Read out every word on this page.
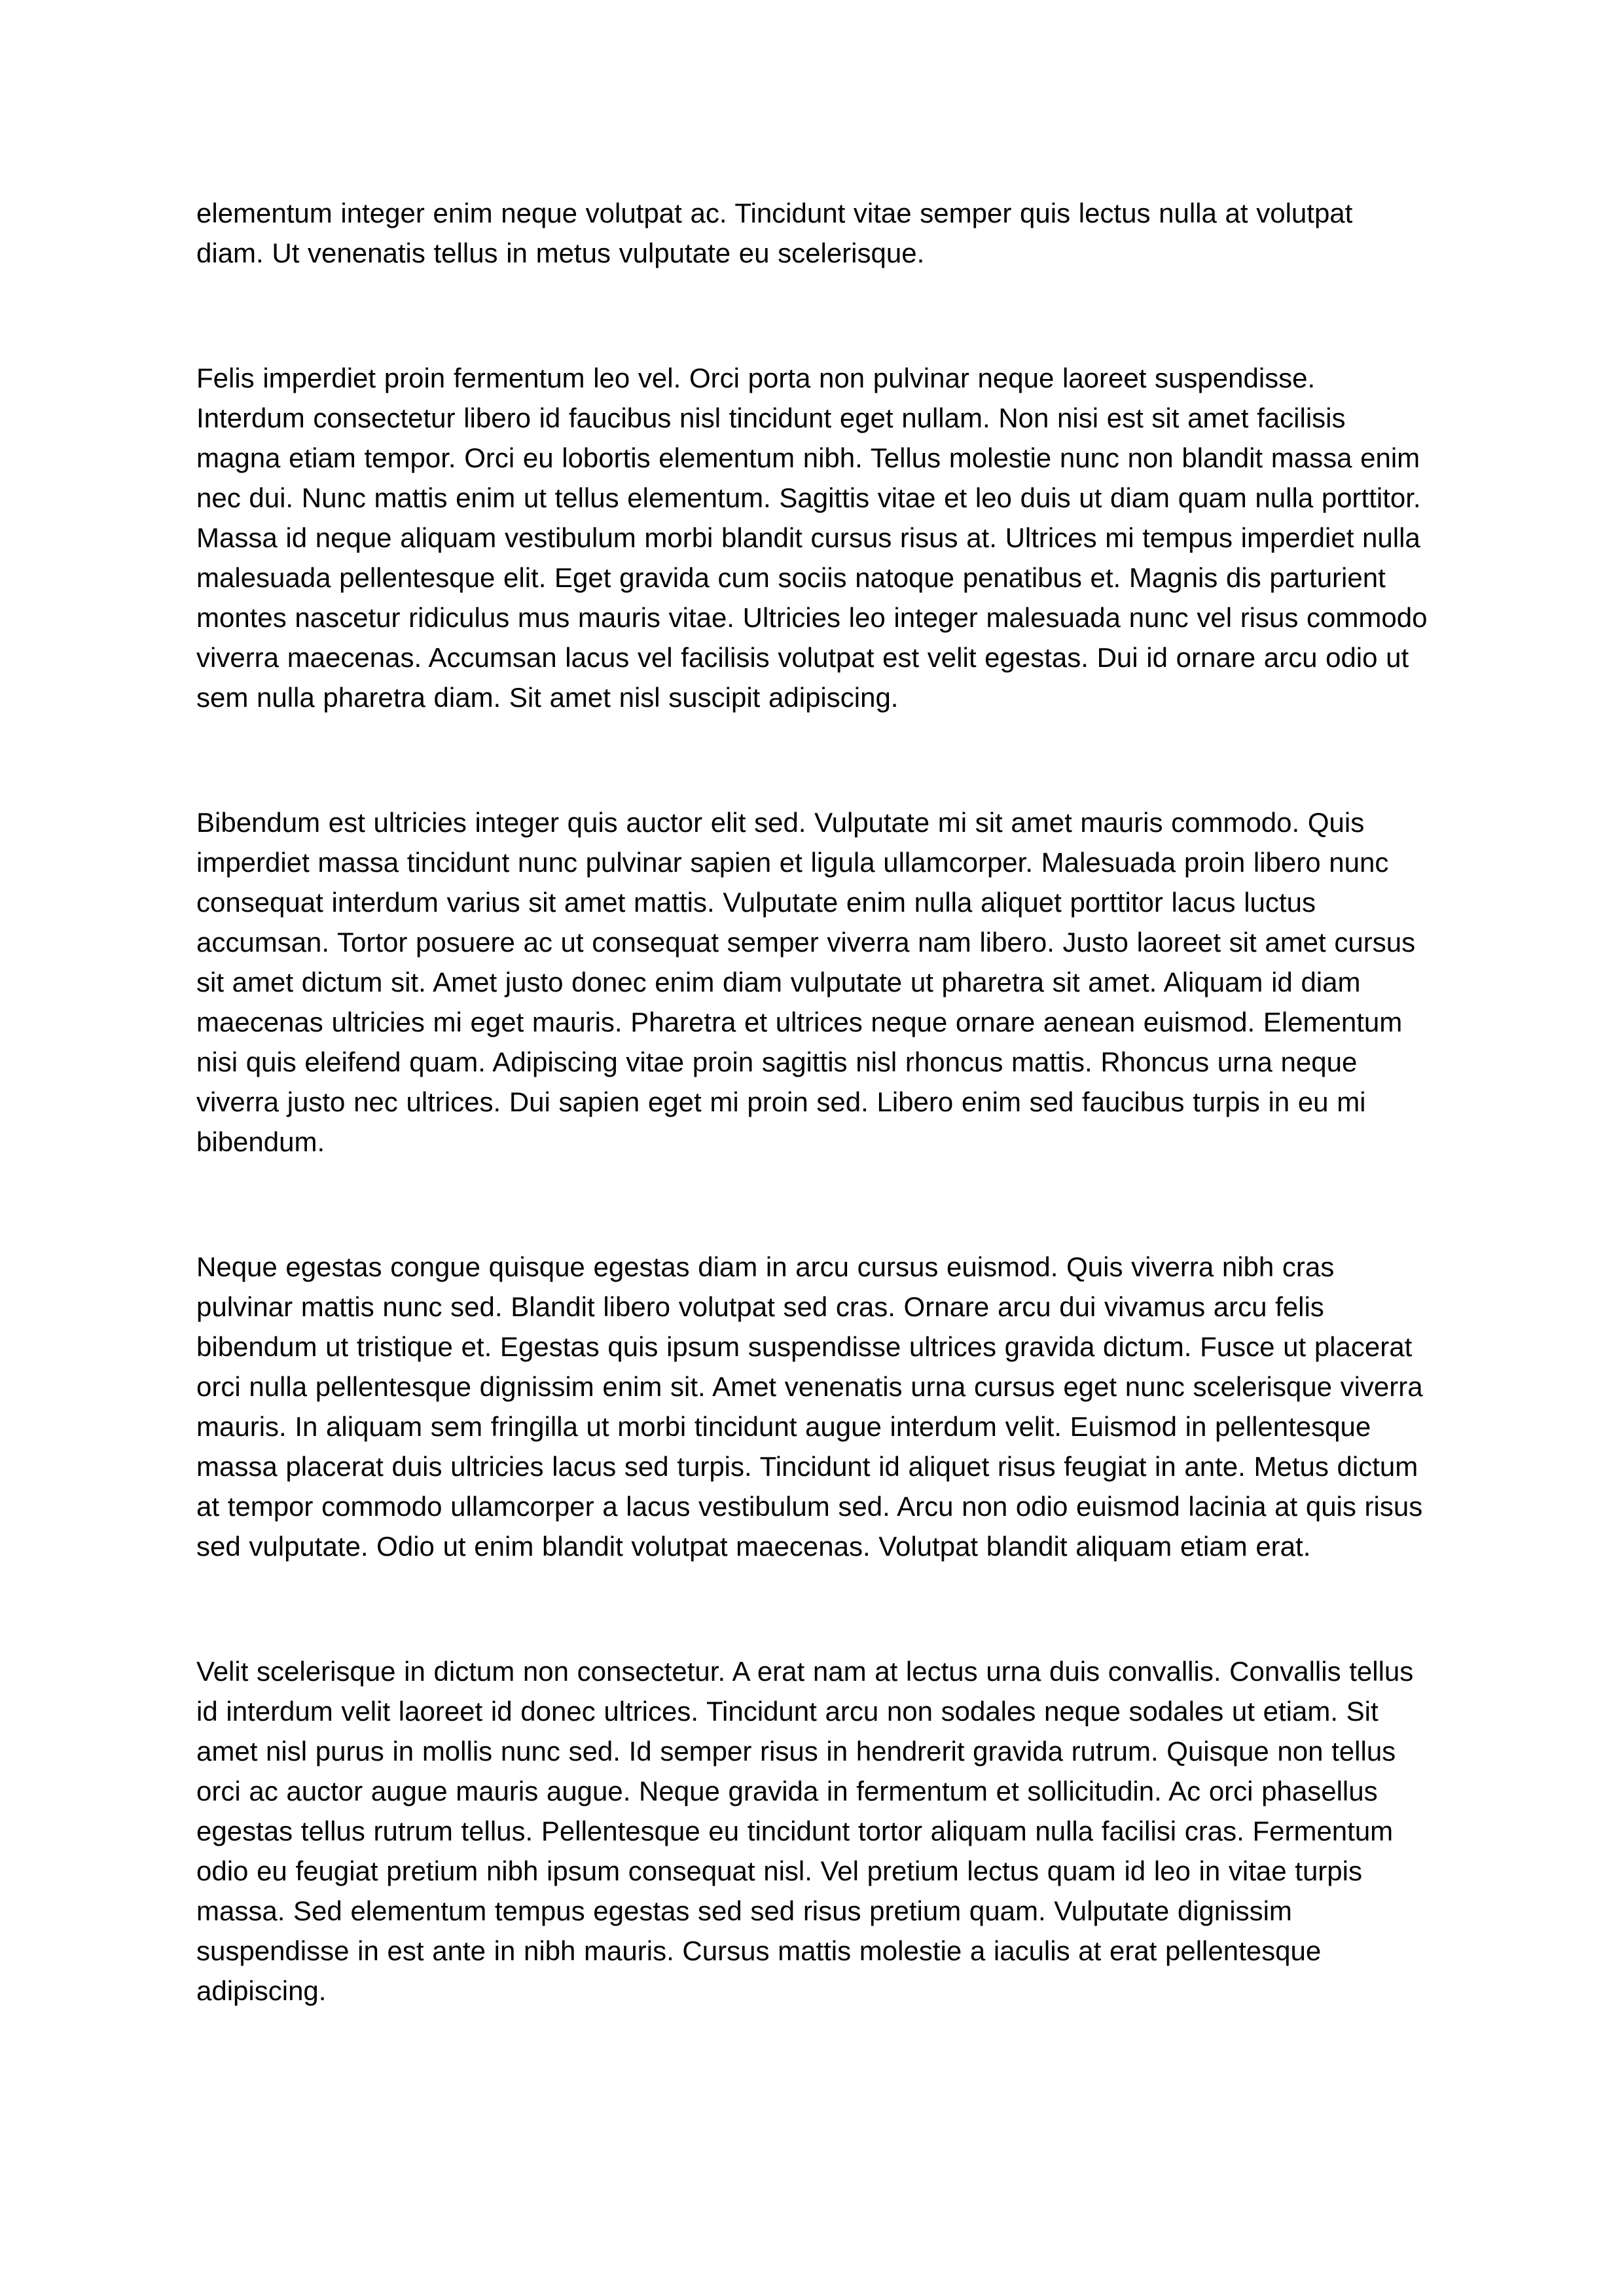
elementum integer enim neque volutpat ac. Tincidunt vitae semper quis lectus nulla at volutpat diam. Ut venenatis tellus in metus vulputate eu scelerisque.

Felis imperdiet proin fermentum leo vel. Orci porta non pulvinar neque laoreet suspendisse. Interdum consectetur libero id faucibus nisl tincidunt eget nullam. Non nisi est sit amet facilisis magna etiam tempor. Orci eu lobortis elementum nibh. Tellus molestie nunc non blandit massa enim nec dui. Nunc mattis enim ut tellus elementum. Sagittis vitae et leo duis ut diam quam nulla porttitor. Massa id neque aliquam vestibulum morbi blandit cursus risus at. Ultrices mi tempus imperdiet nulla malesuada pellentesque elit. Eget gravida cum sociis natoque penatibus et. Magnis dis parturient montes nascetur ridiculus mus mauris vitae. Ultricies leo integer malesuada nunc vel risus commodo viverra maecenas. Accumsan lacus vel facilisis volutpat est velit egestas. Dui id ornare arcu odio ut sem nulla pharetra diam. Sit amet nisl suscipit adipiscing.

Bibendum est ultricies integer quis auctor elit sed. Vulputate mi sit amet mauris commodo. Quis imperdiet massa tincidunt nunc pulvinar sapien et ligula ullamcorper. Malesuada proin libero nunc consequat interdum varius sit amet mattis. Vulputate enim nulla aliquet porttitor lacus luctus accumsan. Tortor posuere ac ut consequat semper viverra nam libero. Justo laoreet sit amet cursus sit amet dictum sit. Amet justo donec enim diam vulputate ut pharetra sit amet. Aliquam id diam maecenas ultricies mi eget mauris. Pharetra et ultrices neque ornare aenean euismod. Elementum nisi quis eleifend quam. Adipiscing vitae proin sagittis nisl rhoncus mattis. Rhoncus urna neque viverra justo nec ultrices. Dui sapien eget mi proin sed. Libero enim sed faucibus turpis in eu mi bibendum.

Neque egestas congue quisque egestas diam in arcu cursus euismod. Quis viverra nibh cras pulvinar mattis nunc sed. Blandit libero volutpat sed cras. Ornare arcu dui vivamus arcu felis bibendum ut tristique et. Egestas quis ipsum suspendisse ultrices gravida dictum. Fusce ut placerat orci nulla pellentesque dignissim enim sit. Amet venenatis urna cursus eget nunc scelerisque viverra mauris. In aliquam sem fringilla ut morbi tincidunt augue interdum velit. Euismod in pellentesque massa placerat duis ultricies lacus sed turpis. Tincidunt id aliquet risus feugiat in ante. Metus dictum at tempor commodo ullamcorper a lacus vestibulum sed. Arcu non odio euismod lacinia at quis risus sed vulputate. Odio ut enim blandit volutpat maecenas. Volutpat blandit aliquam etiam erat.

Velit scelerisque in dictum non consectetur. A erat nam at lectus urna duis convallis. Convallis tellus id interdum velit laoreet id donec ultrices. Tincidunt arcu non sodales neque sodales ut etiam. Sit amet nisl purus in mollis nunc sed. Id semper risus in hendrerit gravida rutrum. Quisque non tellus orci ac auctor augue mauris augue. Neque gravida in fermentum et sollicitudin. Ac orci phasellus egestas tellus rutrum tellus. Pellentesque eu tincidunt tortor aliquam nulla facilisi cras. Fermentum odio eu feugiat pretium nibh ipsum consequat nisl. Vel pretium lectus quam id leo in vitae turpis massa. Sed elementum tempus egestas sed sed risus pretium quam. Vulputate dignissim suspendisse in est ante in nibh mauris. Cursus mattis molestie a iaculis at erat pellentesque adipiscing.
